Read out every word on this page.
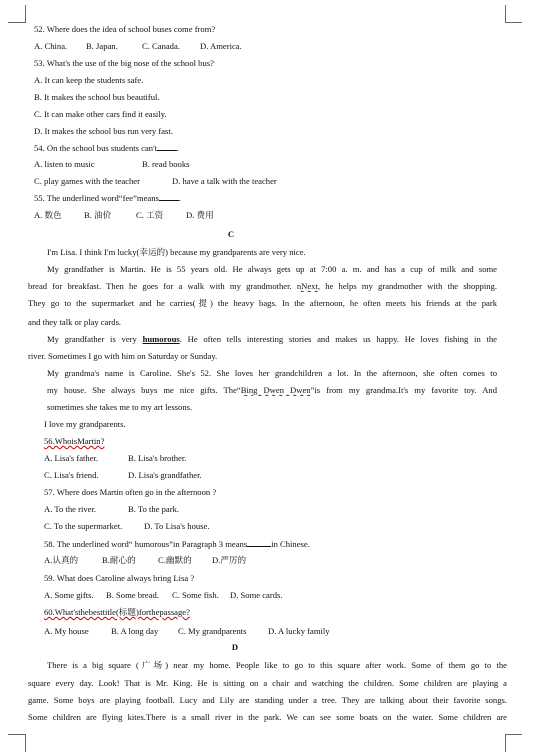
52. Where does the idea of school buses come from?
A. China. B. Japan.	C. Canada. D. America.
53. What's the use of the big nose of the school bus?
A. It can keep the students safe.
B. It makes the school bus beautiful.
C. It can make other cars find it easily.
D. It makes the school bus run very fast.
54. On the school bus students can't .
A. listen to music	B. read books
C. play games with the teacher	D. have a talk with the teacher
55. The underlined word“fee”means .
A. 数色	B. 油价	C. 工资	D. 费用
C
I'm Lisa. I think I'm lucky(幸运的) because my grandparents are very nice.
My grandfather is Martin. He is 55 years old. He always gets up at 7:00 a. m. and has a cup of milk and some
bread for breakfast. Then he goes for a walk with my grandmother. nNext, he helps my grandmother with the shopping.
They go to the supermarket and he carries(提) the heavy bags. In the afternoon, he often meets his friends at the park
and they talk or play cards.
My grandfather is very humorous. He often tells interesting stories and makes us happy. He loves fishing in the
river. Sometimes I go with him on Saturday or Sunday.
My grandma's name is Caroline. She's 52. She loves her grandchildren a lot. In the afternoon, she often comes to
my house. She always buys me nice gifts. The“Bing Dwen Dwen”is from my grandma.It's my favorite toy. And
sometimes she takes me to my art lessons.
I love my grandparents.
56.WhoisMartin?
A. Lisa's father.	B. Lisa's brother.
C. Lisa's friend.	D. Lisa's grandfather.
57. Where does Martin often go in the afternoon ?
A. To the river.	B. To the park.
C. To the supermarket.	D. To Lisa's house.
58. The underlined word“ humorous”in Paragraph 3 means	in Chinese.
A.认真的	B.耐心的	C.幽默的 D.严厉的
59. What does Caroline always bring Lisa ?
A. Some gifts. B. Some bread. C. Some fish. D. Some cards.
60.What'sthebesttitle(标题)forthepassage?
A. My house	B. A long day C. My grandparents	D. A lucky family
D
There is a big square (广场) near my home. People like to go to this square after work. Some of them go to the
square every day. Look! That is Mr. King. He is sitting on a chair and watching the children. Some children are playing a
game. Some boys are playing football. Lucy and Lily are standing under a tree. They are talking about their favorite songs.
Some children are flying kites.There is a small river in the park. We can see some boats on the water. Some children are
